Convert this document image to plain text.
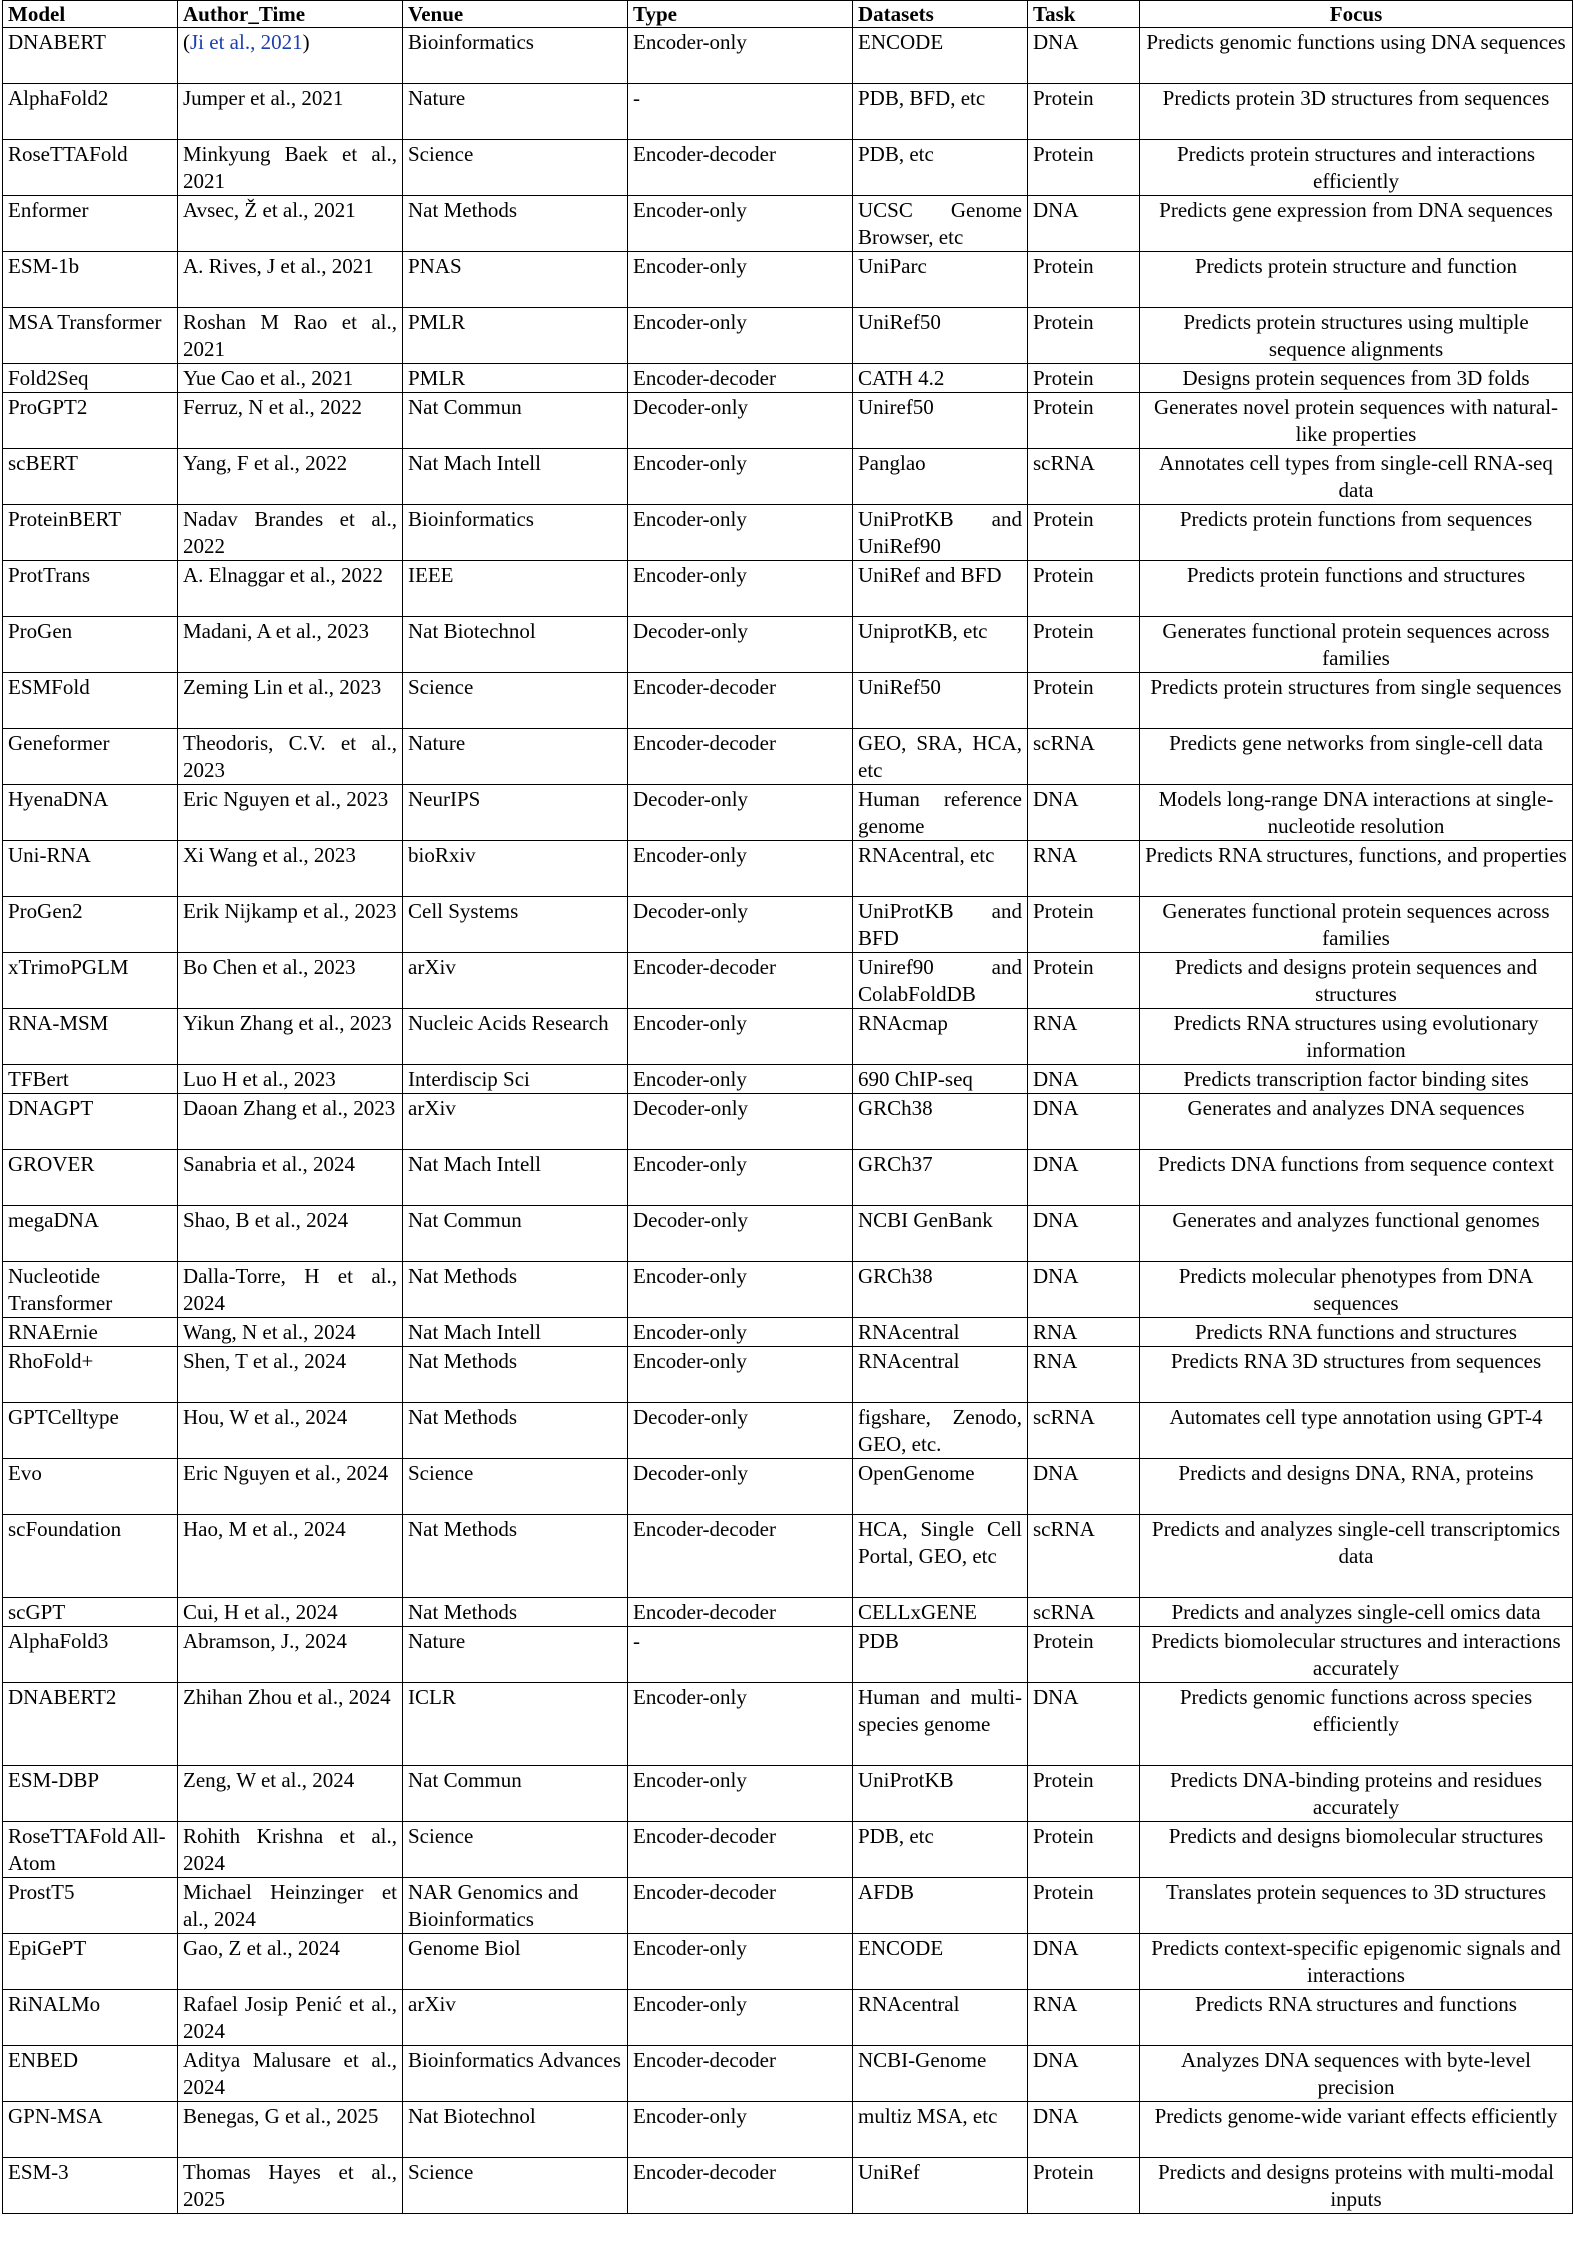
Model	Author_Time	Venue	Type	Datasets	Task	Focus
DNABERT	(Ji et al., 2021)	Bioinformatics	Encoder-only	ENCODE	DNA	Predicts genomic functions using DNA sequences
AlphaFold2	Jumper et al., 2021	Nature	-	PDB, BFD, etc	Protein	Predicts protein 3D structures from sequences
RoseTTAFold	Minkyung Baek et al., 2021	Science	Encoder-decoder	PDB, etc	Protein	Predicts protein structures and interactions efficiently
Enformer	Avsec, Ž et al., 2021	Nat Methods	Encoder-only	UCSC Genome Browser, etc	DNA	Predicts gene expression from DNA sequences
ESM-1b	A. Rives, J et al., 2021	PNAS	Encoder-only	UniParc	Protein	Predicts protein structure and function
MSA Transformer	Roshan M Rao et al., 2021	PMLR	Encoder-only	UniRef50	Protein	Predicts protein structures using multiple sequence alignments
Fold2Seq	Yue Cao et al., 2021	PMLR	Encoder-decoder	CATH 4.2	Protein	Designs protein sequences from 3D folds
ProGPT2	Ferruz, N et al., 2022	Nat Commun	Decoder-only	Uniref50	Protein	Generates novel protein sequences with natural-like properties
scBERT	Yang, F et al., 2022	Nat Mach Intell	Encoder-only	Panglao	scRNA	Annotates cell types from single-cell RNA-seq data
ProteinBERT	Nadav Brandes et al., 2022	Bioinformatics	Encoder-only	UniProtKB and UniRef90	Protein	Predicts protein functions from sequences
ProtTrans	A. Elnaggar et al., 2022	IEEE	Encoder-only	UniRef and BFD	Protein	Predicts protein functions and structures
ProGen	Madani, A et al., 2023	Nat Biotechnol	Decoder-only	UniprotKB, etc	Protein	Generates functional protein sequences across families
ESMFold	Zeming Lin et al., 2023	Science	Encoder-decoder	UniRef50	Protein	Predicts protein structures from single sequences
Geneformer	Theodoris, C.V. et al., 2023	Nature	Encoder-decoder	GEO, SRA, HCA, etc	scRNA	Predicts gene networks from single-cell data
HyenaDNA	Eric Nguyen et al., 2023	NeurIPS	Decoder-only	Human reference genome	DNA	Models long-range DNA interactions at single-nucleotide resolution
Uni-RNA	Xi Wang et al., 2023	bioRxiv	Encoder-only	RNAcentral, etc	RNA	Predicts RNA structures, functions, and properties
ProGen2	Erik Nijkamp et al., 2023	Cell Systems	Decoder-only	UniProtKB and BFD	Protein	Generates functional protein sequences across families
xTrimoPGLM	Bo Chen et al., 2023	arXiv	Encoder-decoder	Uniref90 and ColabFoldDB	Protein	Predicts and designs protein sequences and structures
RNA-MSM	Yikun Zhang et al., 2023	Nucleic Acids Research	Encoder-only	RNAcmap	RNA	Predicts RNA structures using evolutionary information
TFBert	Luo H et al., 2023	Interdiscip Sci	Encoder-only	690 ChIP-seq	DNA	Predicts transcription factor binding sites
DNAGPT	Daoan Zhang et al., 2023	arXiv	Decoder-only	GRCh38	DNA	Generates and analyzes DNA sequences
GROVER	Sanabria et al., 2024	Nat Mach Intell	Encoder-only	GRCh37	DNA	Predicts DNA functions from sequence context
megaDNA	Shao, B et al., 2024	Nat Commun	Decoder-only	NCBI GenBank	DNA	Generates and analyzes functional genomes
Nucleotide Transformer	Dalla-Torre, H et al., 2024	Nat Methods	Encoder-only	GRCh38	DNA	Predicts molecular phenotypes from DNA sequences
RNAErnie	Wang, N et al., 2024	Nat Mach Intell	Encoder-only	RNAcentral	RNA	Predicts RNA functions and structures
RhoFold+	Shen, T et al., 2024	Nat Methods	Encoder-only	RNAcentral	RNA	Predicts RNA 3D structures from sequences
GPTCelltype	Hou, W et al., 2024	Nat Methods	Decoder-only	figshare, Zenodo, GEO, etc.	scRNA	Automates cell type annotation using GPT-4
Evo	Eric Nguyen et al., 2024	Science	Decoder-only	OpenGenome	DNA	Predicts and designs DNA, RNA, proteins
scFoundation	Hao, M et al., 2024	Nat Methods	Encoder-decoder	HCA, Single Cell Portal, GEO, etc	scRNA	Predicts and analyzes single-cell transcriptomics data
scGPT	Cui, H et al., 2024	Nat Methods	Encoder-decoder	CELLxGENE	scRNA	Predicts and analyzes single-cell omics data
AlphaFold3	Abramson, J., 2024	Nature	-	PDB	Protein	Predicts biomolecular structures and interactions accurately
DNABERT2	Zhihan Zhou et al., 2024	ICLR	Encoder-only	Human and multi-species genome	DNA	Predicts genomic functions across species efficiently
ESM-DBP	Zeng, W et al., 2024	Nat Commun	Encoder-only	UniProtKB	Protein	Predicts DNA-binding proteins and residues accurately
RoseTTAFold All-Atom	Rohith Krishna et al., 2024	Science	Encoder-decoder	PDB, etc	Protein	Predicts and designs biomolecular structures
ProstT5	Michael Heinzinger et al., 2024	NAR Genomics and Bioinformatics	Encoder-decoder	AFDB	Protein	Translates protein sequences to 3D structures
EpiGePT	Gao, Z et al., 2024	Genome Biol	Encoder-only	ENCODE	DNA	Predicts context-specific epigenomic signals and interactions
RiNALMo	Rafael Josip Penić et al., 2024	arXiv	Encoder-only	RNAcentral	RNA	Predicts RNA structures and functions
ENBED	Aditya Malusare et al., 2024	Bioinformatics Advances	Encoder-decoder	NCBI-Genome	DNA	Analyzes DNA sequences with byte-level precision
GPN-MSA	Benegas, G et al., 2025	Nat Biotechnol	Encoder-only	multiz MSA, etc	DNA	Predicts genome-wide variant effects efficiently
ESM-3	Thomas Hayes et al., 2025	Science	Encoder-decoder	UniRef	Protein	Predicts and designs proteins with multi-modal inputs
